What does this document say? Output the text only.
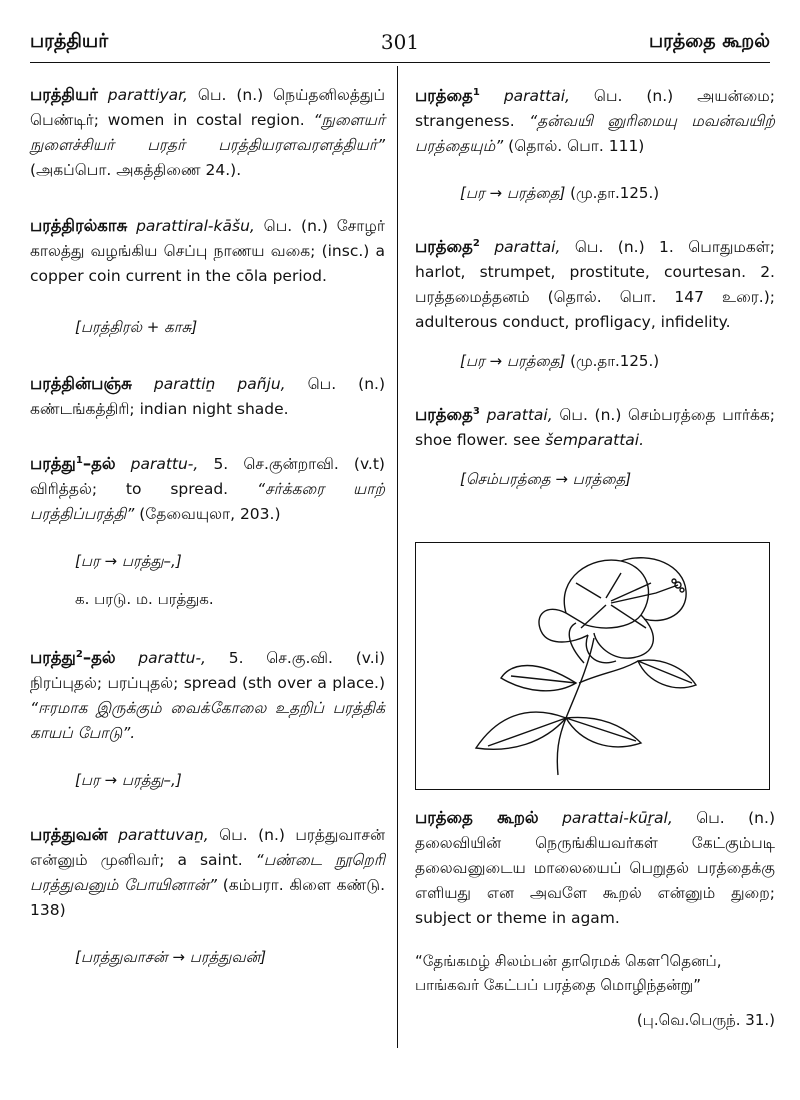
பரத்தியர்	301	பரத்தை கூறல்
பரத்தியர் parattiyar, பெ. (n.) நெய்தனிலத்துப் பெண்டிர்; women in costal region. “நுளையர் நுளைச்சியர் பரதர் பரத்தியரளவரளத்தியர்” (அகப்பொ. அகத்திணை 24.).
பரத்திரல்காசு parattiral-kāšu, பெ. (n.) சோழர் காலத்து வழங்கிய செப்பு நாணய வகை; (insc.) a copper coin current in the cōla period.
[பரத்திரல் + காசு]
பரத்தின்பஞ்சு parattiṉ pañju, பெ. (n.) கண்டங்கத்திரி; indian night shade.
பரத்து$^1$–தல் parattu-, 5. செ.குன்றாவி. (v.t) விரித்தல்; to spread. “சர்க்கரை யாற் பரத்திப்பரத்தி” (தேவையுலா, 203.)
[பர → பரத்து–,]
க. பரடு. ம. பரத்துக.
பரத்து$^2$–தல் parattu-, 5. செ.கு.வி. (v.i) நிரப்புதல்; பரப்புதல்; spread (sth over a place.) “ஈரமாக இருக்கும் வைக்கோலை உதறிப் பரத்திக் காயப் போடு”.
[பர → பரத்து–,]
பரத்துவன் parattuvaṉ, பெ. (n.) பரத்துவாசன் என்னும் முனிவர்; a saint. “பண்டை நூறெரி பரத்துவனும் போயினான்” (கம்பரா. கிளை கண்டு. 138)
[பரத்துவாசன் → பரத்துவன்]
பரத்தை$^1$ parattai, பெ. (n.) அயன்மை; strangeness. “தன்வயி னுரிமையு மவன்வயிற் பரத்தையும்” (தொல். பொ. 111)
[பர → பரத்தை] (மு.தா.125.)
பரத்தை$^2$ parattai, பெ. (n.) 1. பொதுமகள்; harlot, strumpet, prostitute, courtesan. 2. பரத்தமைத்தனம் (தொல். பொ. 147 உரை.); adulterous conduct, profligacy, infidelity.
[பர → பரத்தை] (மு.தா.125.)
பரத்தை$^3$ parattai, பெ. (n.) செம்பரத்தை பார்க்க; shoe flower. see šemparattai.
[செம்பரத்தை → பரத்தை]
பரத்தை கூறல் parattai-kūṟal, பெ. (n.) தலைவியின் நெருங்கியவர்கள் கேட்கும்படி தலைவனுடைய மாலையைப் பெறுதல் பரத்தைக்கு எளியது என அவளே கூறல் என்னும் துறை; subject or theme in agam.
“தேங்கமழ் சிலம்பன் தாரெமக் கௌிதெனப், பாங்கவர் கேட்பப் பரத்தை மொழிந்தன்று”
(பு.வெ.பெருந். 31.)
